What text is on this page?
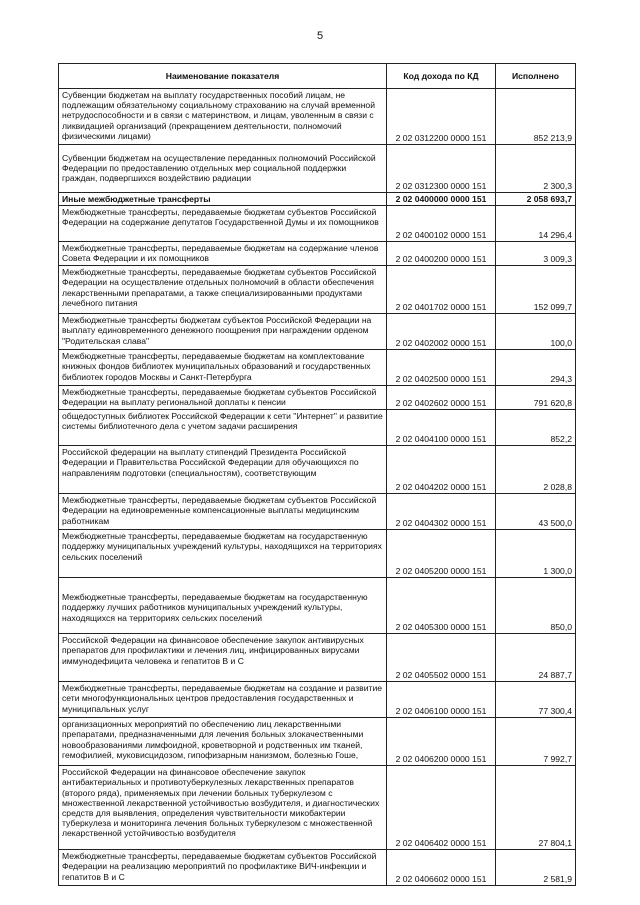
5
Наименование показателя	Код дохода по КД	Исполнено
Субвенции бюджетам на выплату государственных пособий лицам, не подлежащим обязательному социальному страхованию на случай временной нетрудоспособности и в связи с материнством, и лицам, уволенным в связи с ликвидацией организаций (прекращением деятельности, полномочий физическими лицами)	2 02 0312200 0000 151	852 213,9
Субвенции бюджетам на осуществление переданных полномочий Российской Федерации по предоставлению отдельных мер социальной поддержки граждан, подвергшихся воздействию радиации	2 02 0312300 0000 151	2 300,3
Иные межбюджетные трансферты	2 02 0400000 0000 151	2 058 693,7
Межбюджетные трансферты, передаваемые бюджетам субъектов Российской Федерации на содержание депутатов Государственной Думы и их помощников	2 02 0400102 0000 151	14 296,4
Межбюджетные трансферты, передаваемые бюджетам на содержание членов Совета Федерации и их помощников	2 02 0400200 0000 151	3 009,3
Межбюджетные трансферты, передаваемые бюджетам субъектов Российской Федерации на осуществление отдельных полномочий в области обеспечения лекарственными препаратами, а также специализированными продуктами лечебного питания	2 02 0401702 0000 151	152 099,7
Межбюджетные трансферты бюджетам субъектов Российской Федерации на выплату единовременного денежного поощрения при награждении орденом "Родительская слава"	2 02 0402002 0000 151	100,0
Межбюджетные трансферты, передаваемые бюджетам на комплектование книжных фондов библиотек муниципальных образований и государственных библиотек городов Москвы и Санкт-Петербурга	2 02 0402500 0000 151	294,3
Межбюджетные трансферты, передаваемые бюджетам субъектов Российской Федерации на выплату региональной доплаты к пенсии	2 02 0402602 0000 151	791 620,8
общедоступных библиотек Российской Федерации к сети "Интернет" и развитие системы библиотечного дела с учетом задачи расширения	2 02 0404100 0000 151	852,2
Российской федерации на выплату стипендий Президента Российской Федерации и Правительства Российской Федерации для обучающихся по направлениям подготовки (специальностям), соответствующим	2 02 0404202 0000 151	2 028,8
Межбюджетные трансферты, передаваемые бюджетам субъектов Российской Федерации на единовременные компенсационные выплаты медицинским работникам	2 02 0404302 0000 151	43 500,0
Межбюджетные трансферты, передаваемые бюджетам на государственную поддержку муниципальных учреждений культуры, находящихся на территориях сельских поселений	2 02 0405200 0000 151	1 300,0
Межбюджетные трансферты, передаваемые бюджетам на государственную поддержку лучших работников муниципальных учреждений культуры, находящихся на территориях сельских поселений	2 02 0405300 0000 151	850,0
Российской Федерации на финансовое обеспечение закупок антивирусных препаратов для профилактики и лечения лиц, инфицированных вирусами иммунодефицита человека и гепатитов В и С	2 02 0405502 0000 151	24 887,7
Межбюджетные трансферты, передаваемые бюджетам на создание и развитие сети многофункциональных центров предоставления государственных и муниципальных услуг	2 02 0406100 0000 151	77 300,4
организационных мероприятий по обеспечению лиц лекарственными препаратами, предназначенными для лечения больных злокачественными новообразованиями лимфоидной, кроветворной и родственных им тканей, гемофилией, муковисцидозом, гипофизарным нанизмом, болезнью Гоше,	2 02 0406200 0000 151	7 992,7
Российской Федерации на финансовое обеспечение закупок антибактериальных и противотуберкулезных лекарственных препаратов (второго ряда), применяемых при лечении больных туберкулезом с множественной лекарственной устойчивостью возбудителя, и диагностических средств для выявления, определения чувствительности микобактерии туберкулеза и мониторинга лечения больных туберкулезом с множественной лекарственной устойчивостью возбудителя	2 02 0406402 0000 151	27 804,1
Межбюджетные трансферты, передаваемые бюджетам субъектов Российской Федерации на реализацию мероприятий по профилактике ВИЧ-инфекции и гепатитов В и С	2 02 0406602 0000 151	2 581,9
